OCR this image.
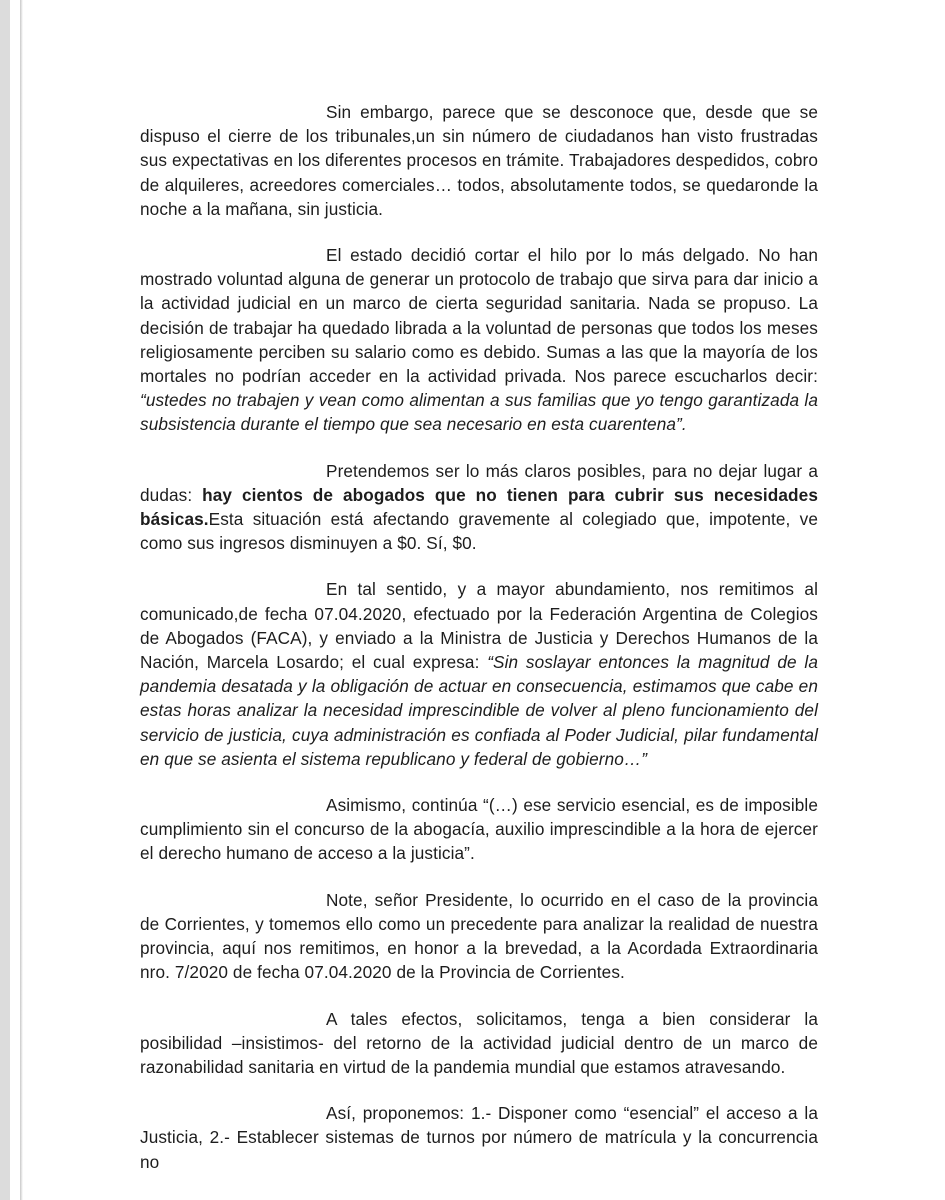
Sin embargo, parece que se desconoce que, desde que se dispuso el cierre de los tribunales,un sin número de ciudadanos han visto frustradas sus expectativas en los diferentes procesos en trámite. Trabajadores despedidos, cobro de alquileres, acreedores comerciales… todos, absolutamente todos, se quedaronde la noche a la mañana, sin justicia.

El estado decidió cortar el hilo por lo más delgado. No han mostrado voluntad alguna de generar un protocolo de trabajo que sirva para dar inicio a la actividad judicial en un marco de cierta seguridad sanitaria. Nada se propuso. La decisión de trabajar ha quedado librada a la voluntad de personas que todos los meses religiosamente perciben su salario como es debido. Sumas a las que la mayoría de los mortales no podrían acceder en la actividad privada. Nos parece escucharlos decir: “ustedes no trabajen y vean como alimentan a sus familias que yo tengo garantizada la subsistencia durante el tiempo que sea necesario en esta cuarentena”.

Pretendemos ser lo más claros posibles, para no dejar lugar a dudas: hay cientos de abogados que no tienen para cubrir sus necesidades básicas.Esta situación está afectando gravemente al colegiado que, impotente, ve como sus ingresos disminuyen a $0. Sí, $0.

En tal sentido, y a mayor abundamiento, nos remitimos al comunicado,de fecha 07.04.2020, efectuado por la Federación Argentina de Colegios de Abogados (FACA), y enviado a la Ministra de Justicia y Derechos Humanos de la Nación, Marcela Losardo; el cual expresa: “Sin soslayar entonces la magnitud de la pandemia desatada y la obligación de actuar en consecuencia, estimamos que cabe en estas horas analizar la necesidad imprescindible de volver al pleno funcionamiento del servicio de justicia, cuya administración es confiada al Poder Judicial, pilar fundamental en que se asienta el sistema republicano y federal de gobierno…”

Asimismo, continúa “(…) ese servicio esencial, es de imposible cumplimiento sin el concurso de la abogacía, auxilio imprescindible a la hora de ejercer el derecho humano de acceso a la justicia”.

Note, señor Presidente, lo ocurrido en el caso de la provincia de Corrientes, y tomemos ello como un precedente para analizar la realidad de nuestra provincia, aquí nos remitimos, en honor a la brevedad, a la Acordada Extraordinaria nro. 7/2020 de fecha 07.04.2020 de la Provincia de Corrientes.

A tales efectos, solicitamos, tenga a bien considerar la posibilidad –insistimos- del retorno de la actividad judicial dentro de un marco de razonabilidad sanitaria en virtud de la pandemia mundial que estamos atravesando.

Así, proponemos: 1.- Disponer como “esencial” el acceso a la Justicia, 2.- Establecer sistemas de turnos por número de matrícula y la concurrencia no
